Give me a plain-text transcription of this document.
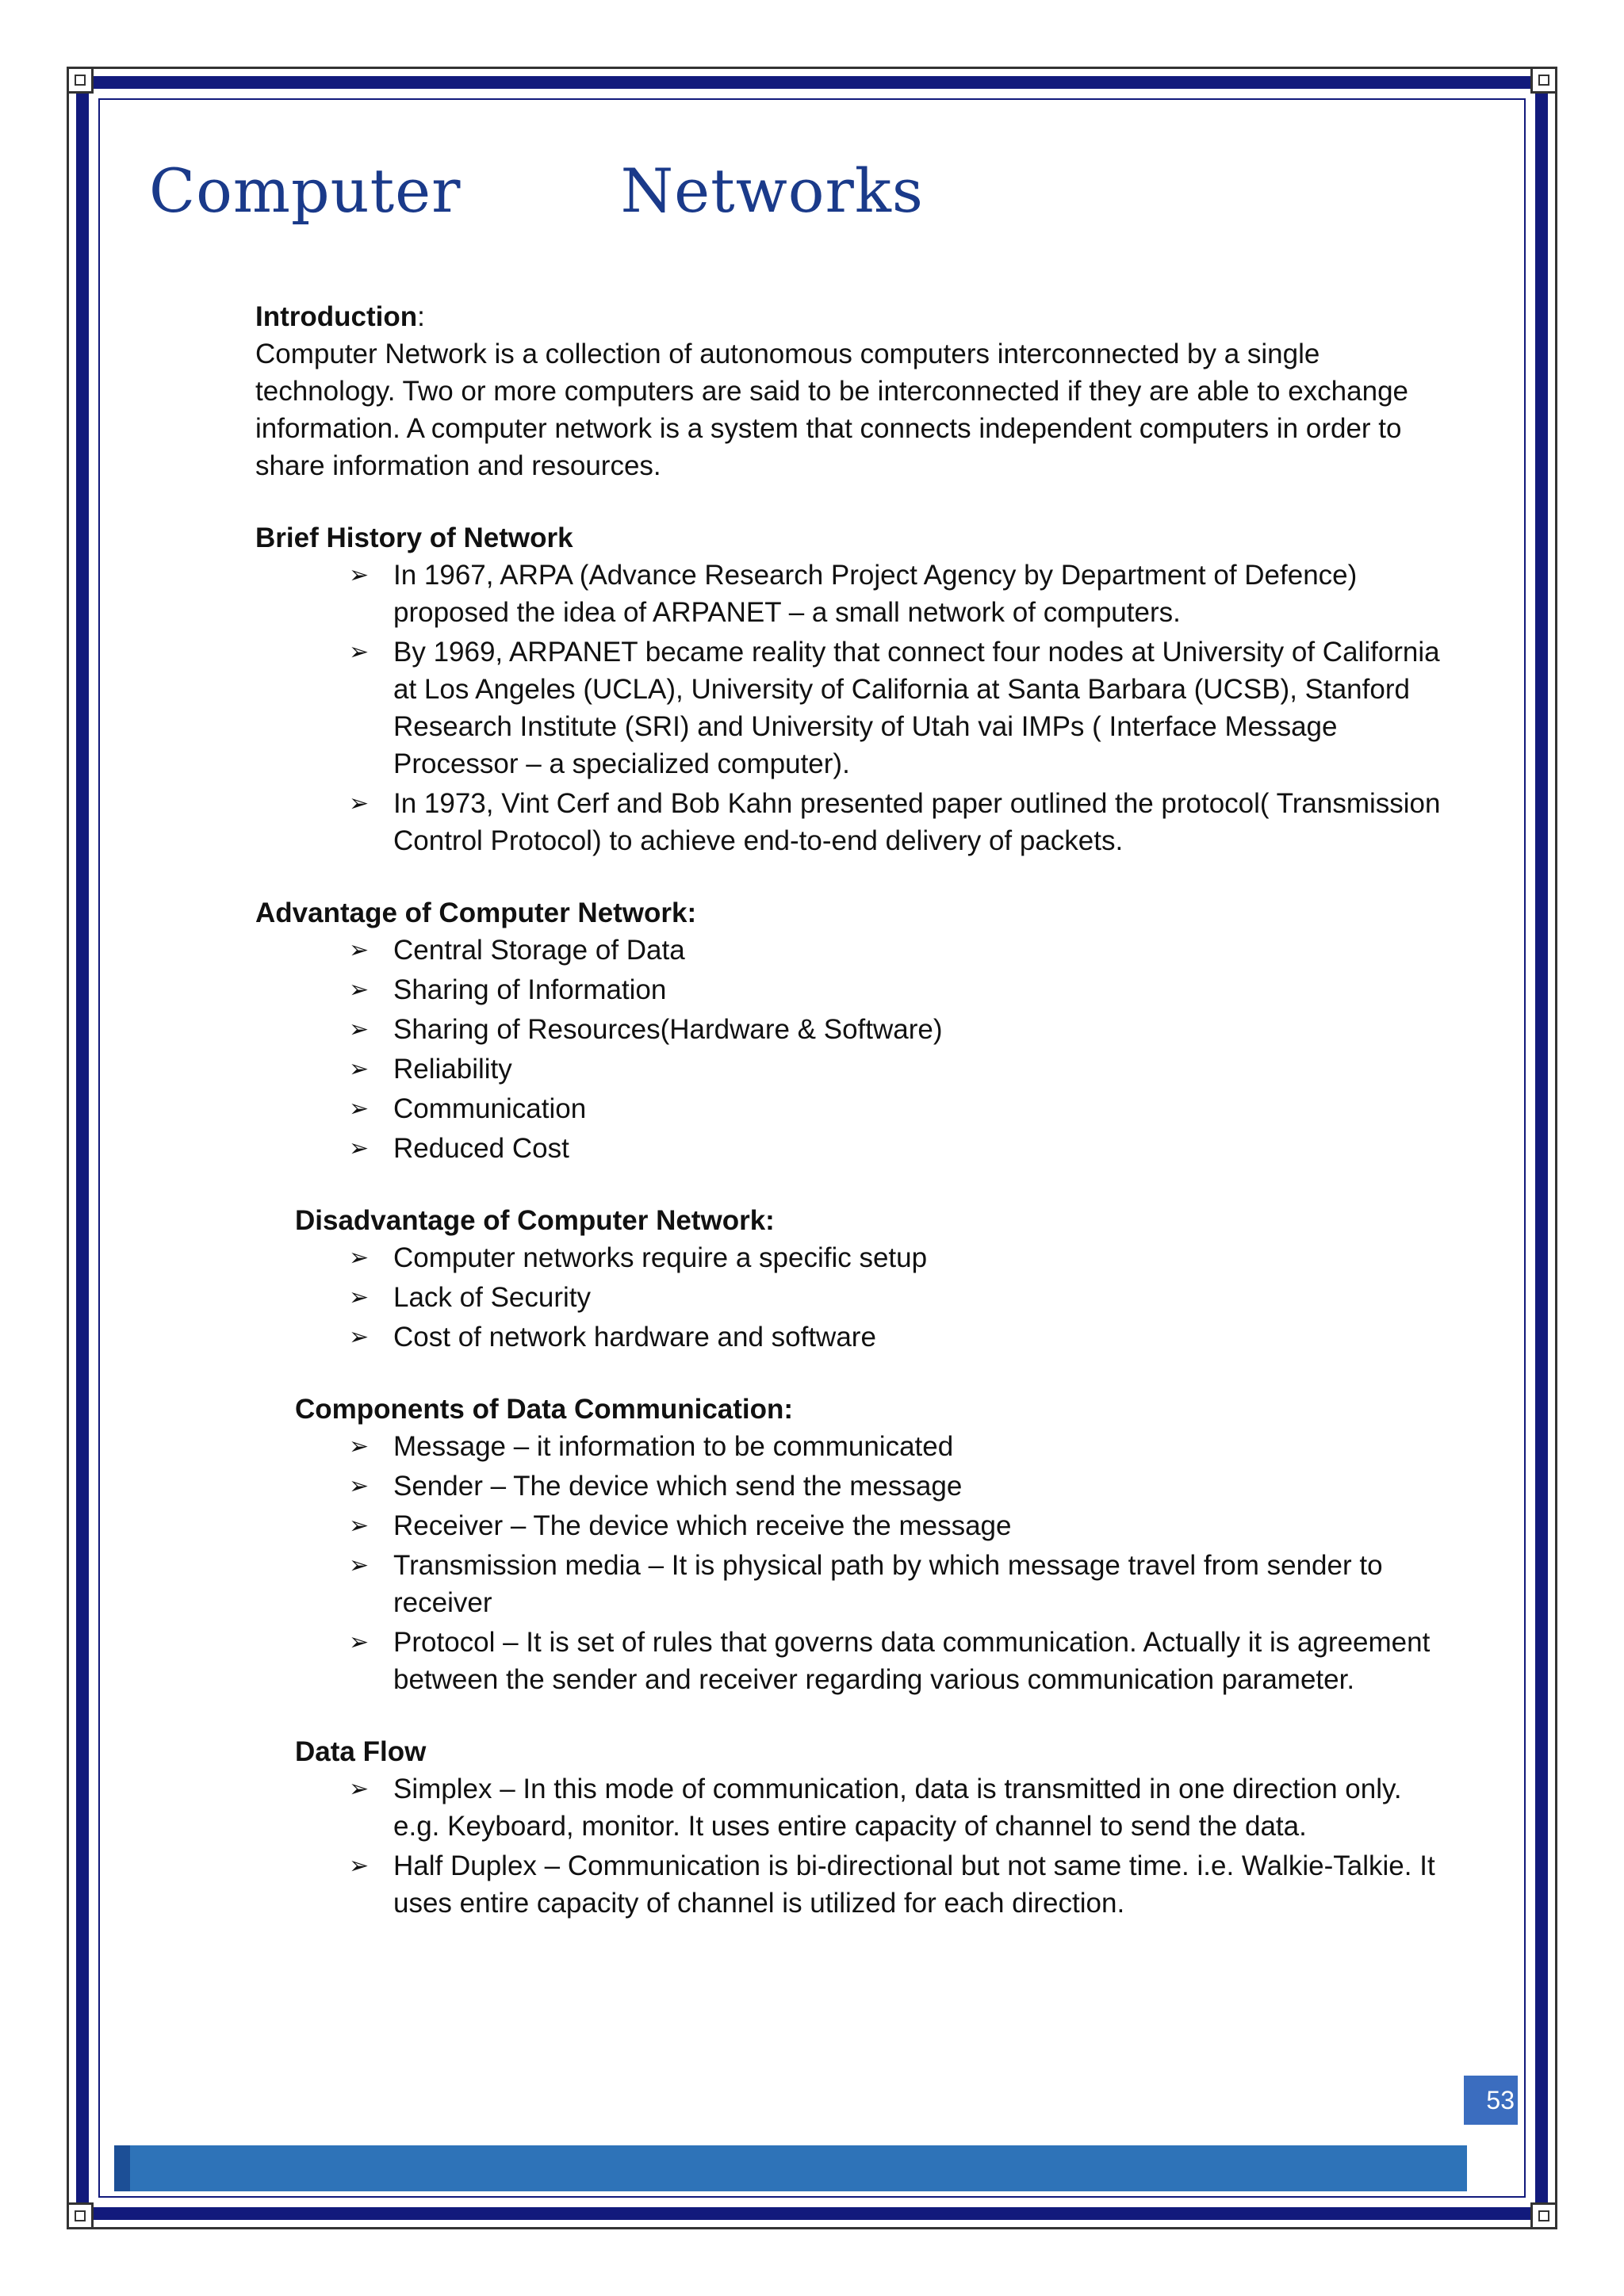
Computer        Networks
Introduction:

Computer Network is a collection of autonomous computers interconnected by a single technology. Two or more computers are said to be interconnected if they are able to exchange information. A computer network is a system that connects independent computers in order to share information and resources.

Brief History of Network
➢ In 1967, ARPA (Advance Research Project Agency by Department of Defence) proposed the idea of ARPANET – a small network of computers.
➢ By 1969, ARPANET became reality that connect four nodes at University of California at Los Angeles (UCLA), University of California at Santa Barbara (UCSB), Stanford Research Institute (SRI) and University of Utah vai IMPs ( Interface Message Processor – a specialized computer).
➢ In 1973, Vint Cerf and Bob Kahn presented paper outlined the protocol( Transmission Control Protocol) to achieve end-to-end delivery of packets.
Advantage of Computer Network:
➢ Central Storage of Data
➢ Sharing of Information
➢ Sharing of Resources(Hardware & Software)
➢ Reliability
➢ Communication
➢ Reduced Cost
Disadvantage of Computer Network:
➢ Computer networks require a specific setup
➢ Lack of Security
➢ Cost of network hardware and software
Components of Data Communication:
➢ Message – it information to be communicated
➢ Sender – The device which send the message
➢ Receiver – The device which receive the message
➢ Transmission media – It is physical path by which message travel from sender to receiver
➢ Protocol – It is set of rules that governs data communication. Actually it is agreement between the sender and receiver regarding various communication parameter.
Data Flow
➢ Simplex – In this mode of communication, data is transmitted in one direction only. e.g. Keyboard, monitor. It uses entire capacity of channel to send the data.
➢ Half Duplex – Communication is bi-directional but not same time. i.e. Walkie-Talkie. It uses entire capacity of channel is utilized for each direction.
53
